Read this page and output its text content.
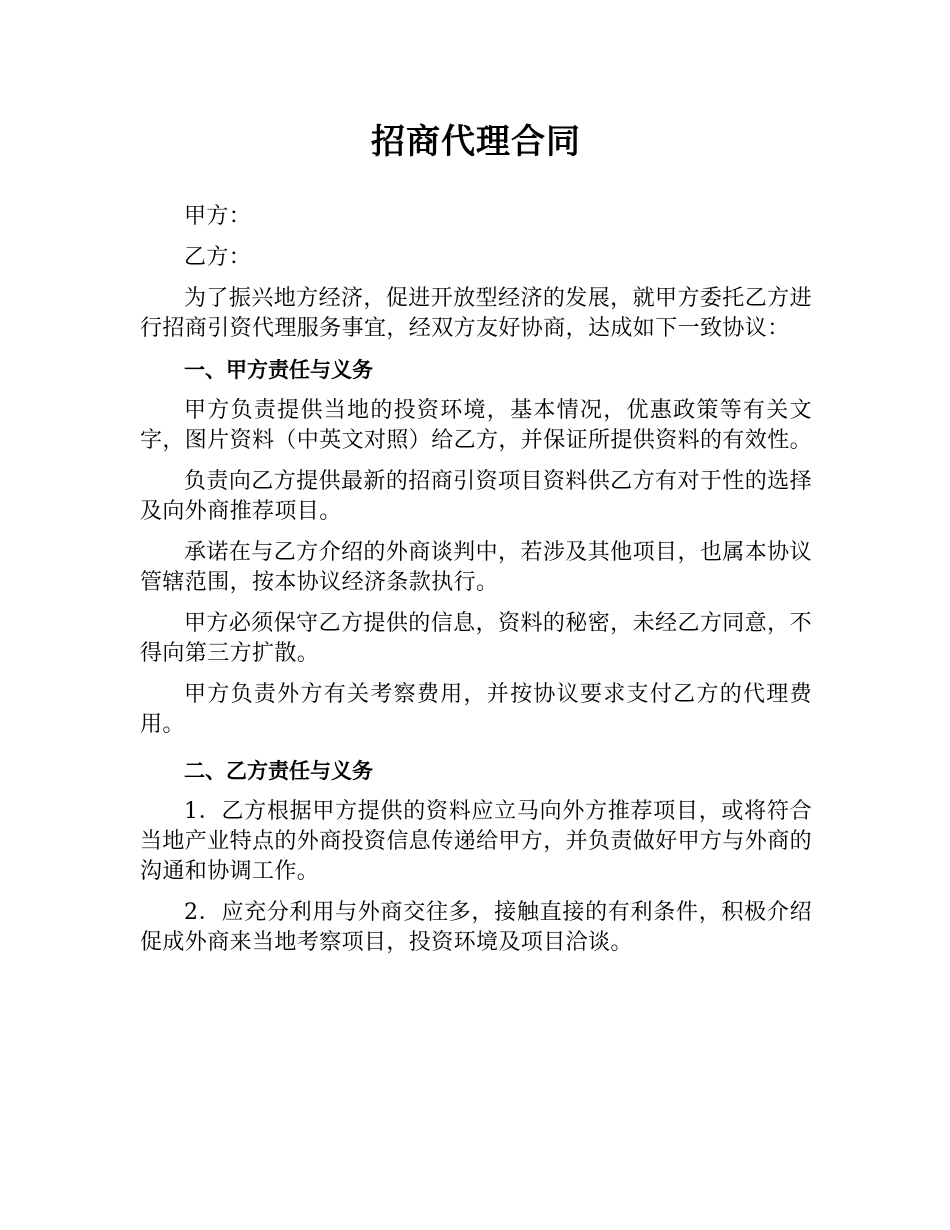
招商代理合同

甲方：

乙方：

为了振兴地方经济，促进开放型经济的发展，就甲方委托乙方进行招商引资代理服务事宜，经双方友好协商，达成如下一致协议：

一、甲方责任与义务

甲方负责提供当地的投资环境，基本情况，优惠政策等有关文字，图片资料（中英文对照）给乙方，并保证所提供资料的有效性。

负责向乙方提供最新的招商引资项目资料供乙方有对于性的选择及向外商推荐项目。

承诺在与乙方介绍的外商谈判中，若涉及其他项目，也属本协议管辖范围，按本协议经济条款执行。

甲方必须保守乙方提供的信息，资料的秘密，未经乙方同意，不得向第三方扩散。

甲方负责外方有关考察费用，并按协议要求支付乙方的代理费用。

二、乙方责任与义务

1．乙方根据甲方提供的资料应立马向外方推荐项目，或将符合当地产业特点的外商投资信息传递给甲方，并负责做好甲方与外商的沟通和协调工作。

2．应充分利用与外商交往多，接触直接的有利条件，积极介绍促成外商来当地考察项目，投资环境及项目洽谈。
